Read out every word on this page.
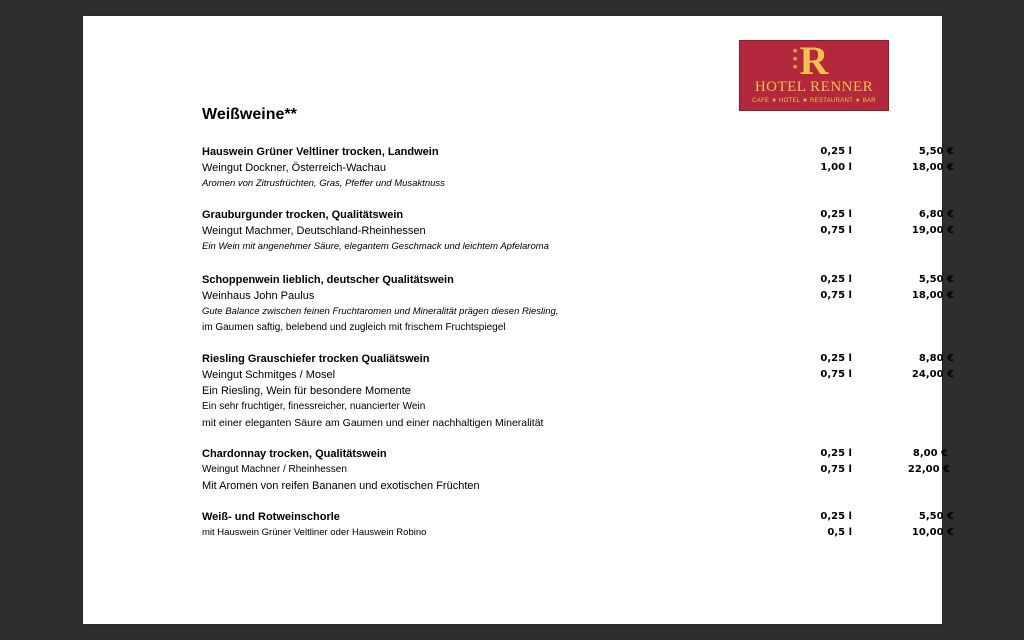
★
★
★ R
HOTEL RENNER
CAFE ★ HOTEL ★ RESTAURANT ★ BAR
Weißweine**
Hauswein Grüner Veltliner trocken, Landwein	0,25 l	5,50 €
Weingut Dockner, Österreich-Wachau	1,00 l	18,00 €
Aromen von Zitrusfrüchten, Gras, Pfeffer und Musaktnuss
Grauburgunder trocken, Qualitätswein	0,25 l	6,80 €
Weingut Machmer, Deutschland-Rheinhessen	0,75 l	19,00 €
Ein Wein mit angenehmer Säure, elegantem Geschmack und leichtem Apfelaroma
Schoppenwein lieblich, deutscher Qualitätswein	0,25 l	5,50 €
Weinhaus John Paulus	0,75 l	18,00 €
Gute Balance zwischen feinen Fruchtaromen und Mineralität prägen diesen Riesling,
im Gaumen saftig, belebend und zugleich mit frischem Fruchtspiegel
Riesling Grauschiefer trocken Qualiätswein	0,25 l	8,80 €
Weingut Schmitges / Mosel	0,75 l	24,00 €
Ein Riesling, Wein für besondere Momente
Ein sehr fruchtiger, finessreicher, nuancierter Wein
mit einer eleganten Säure am Gaumen und einer nachhaltigen Mineralität
Chardonnay trocken, Qualitätswein	0,25 l	8,00 €
Weingut Machner / Rheinhessen	0,75 l	22,00 €
Mit Aromen von reifen Bananen und exotischen Früchten
Weiß- und Rotweinschorle	0,25 l	5,50 €
mit Hauswein Grüner Veltliner oder Hauswein Robino	0,5 l	10,00 €
